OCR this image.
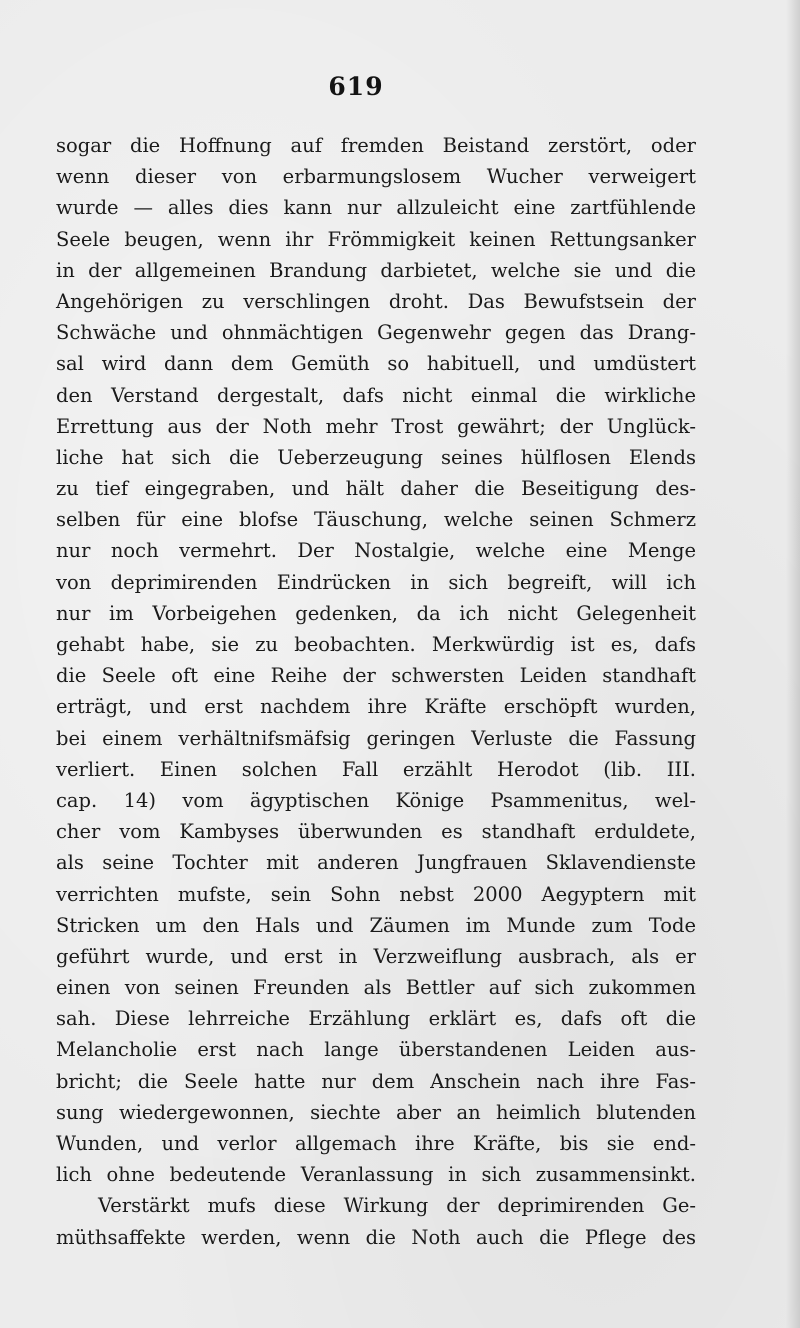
619
sogar die Hoffnung auf fremden Beistand zerstört, oder
wenn dieser von erbarmungslosem Wucher verweigert
wurde — alles dies kann nur allzuleicht eine zartfühlende
Seele beugen, wenn ihr Frömmigkeit keinen Rettungsanker
in der allgemeinen Brandung darbietet, welche sie und die
Angehörigen zu verschlingen droht. Das Bewufstsein der
Schwäche und ohnmächtigen Gegenwehr gegen das Drang-
sal wird dann dem Gemüth so habituell, und umdüstert
den Verstand dergestalt, dafs nicht einmal die wirkliche
Errettung aus der Noth mehr Trost gewährt; der Unglück-
liche hat sich die Ueberzeugung seines hülflosen Elends
zu tief eingegraben, und hält daher die Beseitigung des-
selben für eine blofse Täuschung, welche seinen Schmerz
nur noch vermehrt. Der Nostalgie, welche eine Menge
von deprimirenden Eindrücken in sich begreift, will ich
nur im Vorbeigehen gedenken, da ich nicht Gelegenheit
gehabt habe, sie zu beobachten. Merkwürdig ist es, dafs
die Seele oft eine Reihe der schwersten Leiden standhaft
erträgt, und erst nachdem ihre Kräfte erschöpft wurden,
bei einem verhältnifsmäfsig geringen Verluste die Fassung
verliert. Einen solchen Fall erzählt Herodot (lib. III.
cap. 14) vom ägyptischen Könige Psammenitus, wel-
cher vom Kambyses überwunden es standhaft erduldete,
als seine Tochter mit anderen Jungfrauen Sklavendienste
verrichten mufste, sein Sohn nebst 2000 Aegyptern mit
Stricken um den Hals und Zäumen im Munde zum Tode
geführt wurde, und erst in Verzweiflung ausbrach, als er
einen von seinen Freunden als Bettler auf sich zukommen
sah. Diese lehrreiche Erzählung erklärt es, dafs oft die
Melancholie erst nach lange überstandenen Leiden aus-
bricht; die Seele hatte nur dem Anschein nach ihre Fas-
sung wiedergewonnen, siechte aber an heimlich blutenden
Wunden, und verlor allgemach ihre Kräfte, bis sie end-
lich ohne bedeutende Veranlassung in sich zusammensinkt.
Verstärkt mufs diese Wirkung der deprimirenden Ge-
müthsaffekte werden, wenn die Noth auch die Pflege des
